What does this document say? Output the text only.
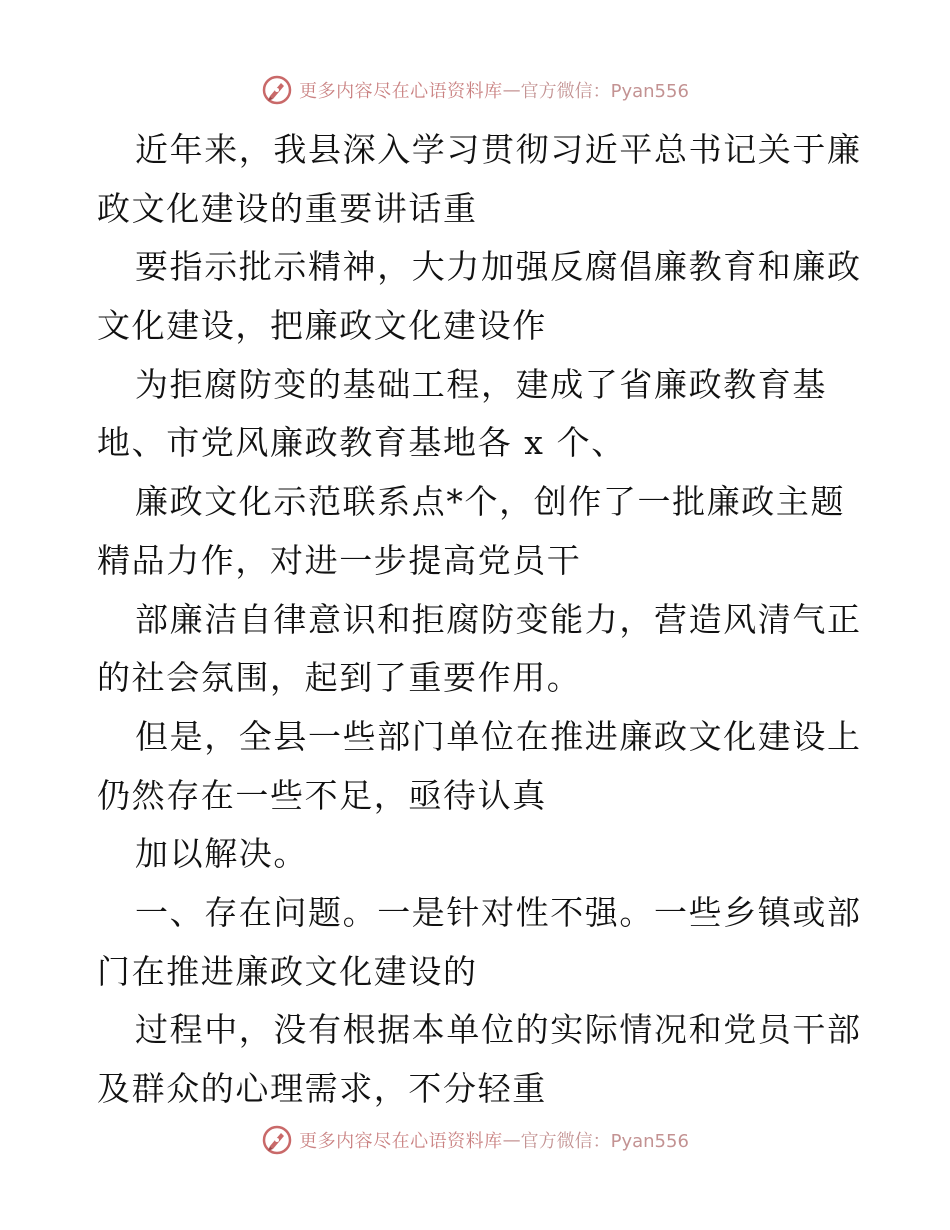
更多内容尽在心语资料库 — 官方微信：Pyan556
近年来，我县深入学习贯彻习近平总书记关于廉
政文化建设的重要讲话重
要指示批示精神，大力加强反腐倡廉教育和廉政
文化建设，把廉政文化建设作
为拒腐防变的基础工程，建成了省廉政教育基
地、市党风廉政教育基地各 x 个、
廉政文化示范联系点*个，创作了一批廉政主题
精品力作，对进一步提高党员干
部廉洁自律意识和拒腐防变能力，营造风清气正
的社会氛围，起到了重要作用。
但是，全县一些部门单位在推进廉政文化建设上
仍然存在一些不足，亟待认真
加以解决。
一、存在问题。一是针对性不强。一些乡镇或部
门在推进廉政文化建设的
过程中，没有根据本单位的实际情况和党员干部
及群众的心理需求，不分轻重
更多内容尽在心语资料库 — 官方微信：Pyan556
